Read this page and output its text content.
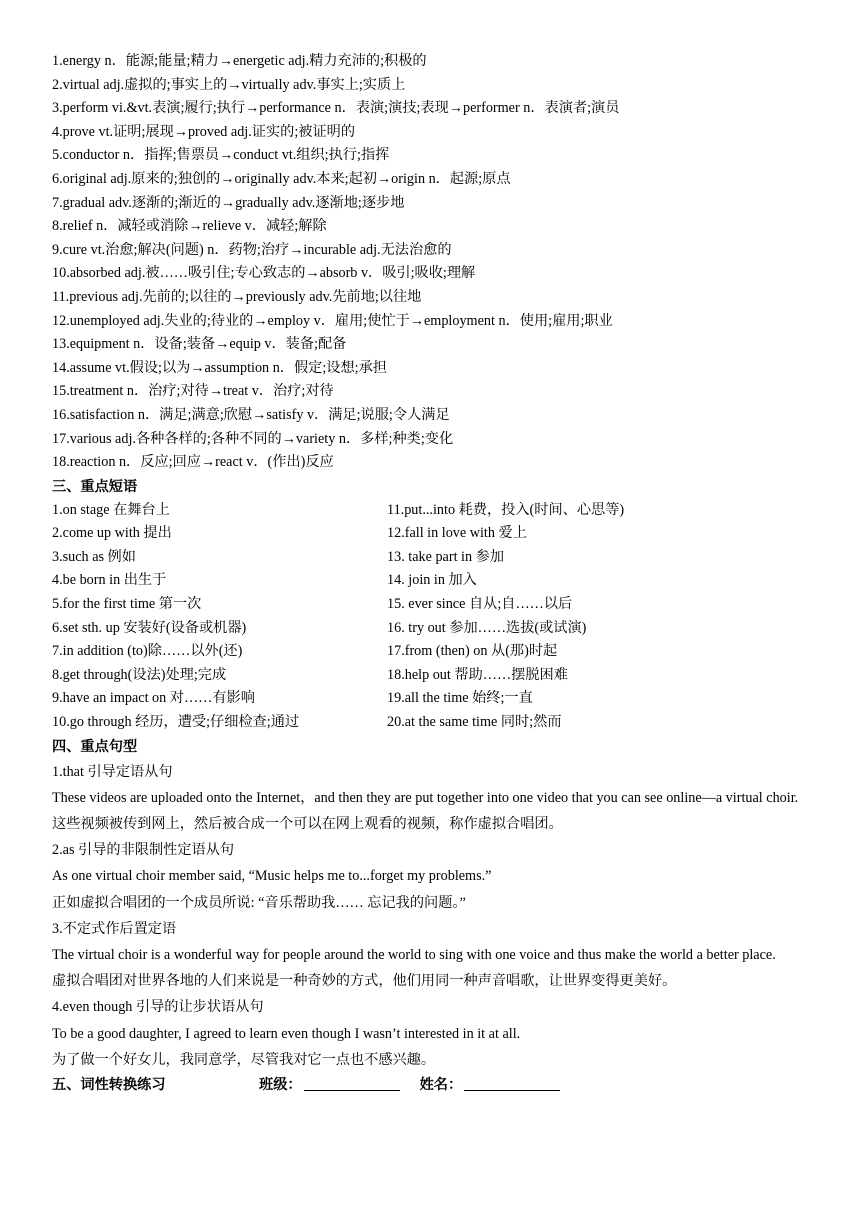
1.energy n．能源;能量;精力→energetic adj.精力充沛的;积极的
2.virtual adj.虚拟的;事实上的→virtually adv.事实上;实质上
3.perform vi.&vt.表演;履行;执行→performance n．表演;演技;表现→performer n．表演者;演员
4.prove vt.证明;展现→proved adj.证实的;被证明的
5.conductor n．指挥;售票员→conduct vt.组织;执行;指挥
6.original adj.原来的;独创的→originally adv.本来;起初→origin n．起源;原点
7.gradual adv.逐渐的;渐近的→gradually adv.逐渐地;逐步地
8.relief n．减轻或消除→relieve v．减轻;解除
9.cure vt.治愈;解决(问题) n．药物;治疗→incurable adj.无法治愈的
10.absorbed adj.被……吸引住;专心致志的→absorb v．吸引;吸收;理解
11.previous adj.先前的;以往的→previously adv.先前地;以往地
12.unemployed adj.失业的;待业的→employ v．雇用;使忙于→employment n．使用;雇用;职业
13.equipment n．设备;装备→equip v．装备;配备
14.assume vt.假设;以为→assumption n．假定;设想;承担
15.treatment n．治疗;对待→treat v．治疗;对待
16.satisfaction n．满足;满意;欣慰→satisfy v．满足;说服;令人满足
17.various adj.各种各样的;各种不同的→variety n．多样;种类;变化
18.reaction n．反应;回应→react v．(作出)反应
三、重点短语
1.on stage 在舞台上
2.come up with 提出
3.such as 例如
4.be born in 出生于
5.for the first time 第一次
6.set sth. up 安装好(设备或机器)
7.in addition (to)除……以外(还)
8.get through(设法)处理;完成
9.have an impact on 对……有影响
10.go through 经历，遭受;仔细检查;通过
11.put...into 耗费，投入(时间、心思等)
12.fall in love with 爱上
13. take part in 参加
14. join in 加入
15. ever since 自从;自……以后
16. try out 参加……选拔(或试演)
17.from (then) on 从(那)时起
18.help out 帮助……摆脱困难
19.all the time 始终;一直
20.at the same time 同时;然而
四、重点句型
1.that 引导定语从句
These videos are uploaded onto the Internet，and then they are put together into one video that you can see online—a virtual choir.
这些视频被传到网上，然后被合成一个可以在网上观看的视频，称作虚拟合唱团。
2.as 引导的非限制性定语从句
As one virtual choir member said, “Music helps me to...forget my problems.”
正如虚拟合唱团的一个成员所说: “音乐帮助我…… 忘记我的问题。”
3.不定式作后置定语
The virtual choir is a wonderful way for people around the world to sing with one voice and thus make the world a better place.
虚拟合唱团对世界各地的人们来说是一种奇妙的方式，他们用同一种声音唱歌，让世界变得更美好。
4.even though 引导的让步状语从句
To be a good daughter, I agreed to learn even though I wasn’t interested in it at all.
为了做一个好女儿，我同意学，尽管我对它一点也不感兴趣。
五、词性转换练习	班级：	姓名：
